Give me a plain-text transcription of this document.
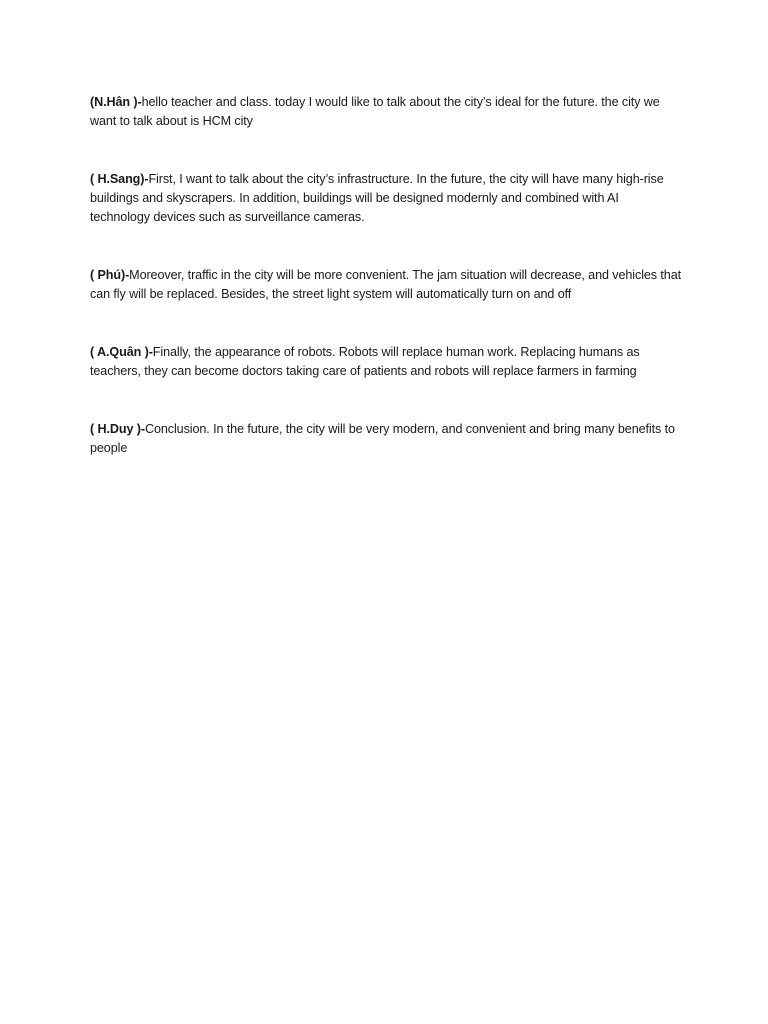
(N.Hân )-hello teacher and class. today I would like to talk about the city’s ideal for the future. the city we want to talk about is HCM city

( H.Sang)-First, I want to talk about the city’s infrastructure. In the future, the city will have many high-rise buildings and skyscrapers. In addition, buildings will be designed modernly and combined with AI technology devices such as surveillance cameras.

( Phú)-Moreover, traffic in the city will be more convenient. The jam situation will decrease, and vehicles that can fly will be replaced. Besides, the street light system will automatically turn on and off

( A.Quân )-Finally, the appearance of robots. Robots will replace human work. Replacing humans as teachers, they can become doctors taking care of patients and robots will replace farmers in farming

( H.Duy )-Conclusion. In the future, the city will be very modern, and convenient and bring many benefits to people
